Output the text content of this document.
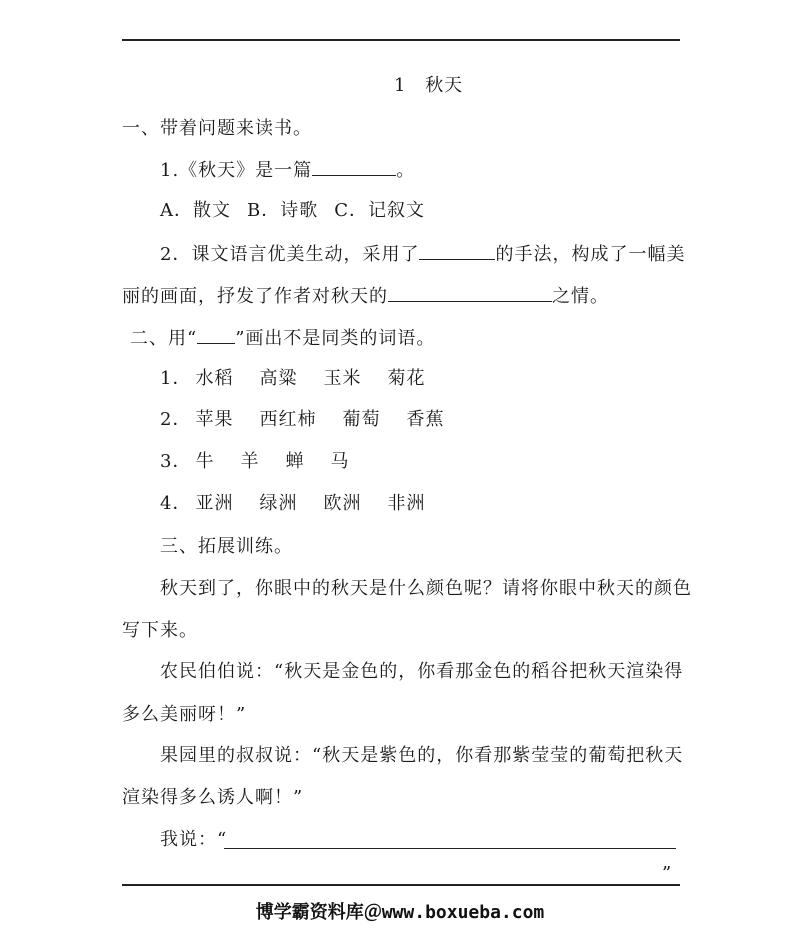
1 秋天
一、带着问题来读书。
1.《秋天》是一篇	。
A．散文 B．诗歌 C．记叙文
2．课文语言优美生动，采用了	的手法，构成了一幅美
丽的画面，抒发了作者对秋天的	之情。
二、用“ ”画出不是同类的词语。
1． 水稻 高粱 玉米 菊花
2． 苹果 西红柿 葡萄 香蕉
3． 牛 羊 蝉 马
4． 亚洲 绿洲 欧洲 非洲
三、拓展训练。
秋天到了，你眼中的秋天是什么颜色呢？请将你眼中秋天的颜色
写下来。
农民伯伯说：“秋天是金色的，你看那金色的稻谷把秋天渲染得
多么美丽呀！”
果园里的叔叔说：“秋天是紫色的，你看那紫莹莹的葡萄把秋天
渲染得多么诱人啊！”
我说：“
”
博学霸资料库＠www.boxueba.com
